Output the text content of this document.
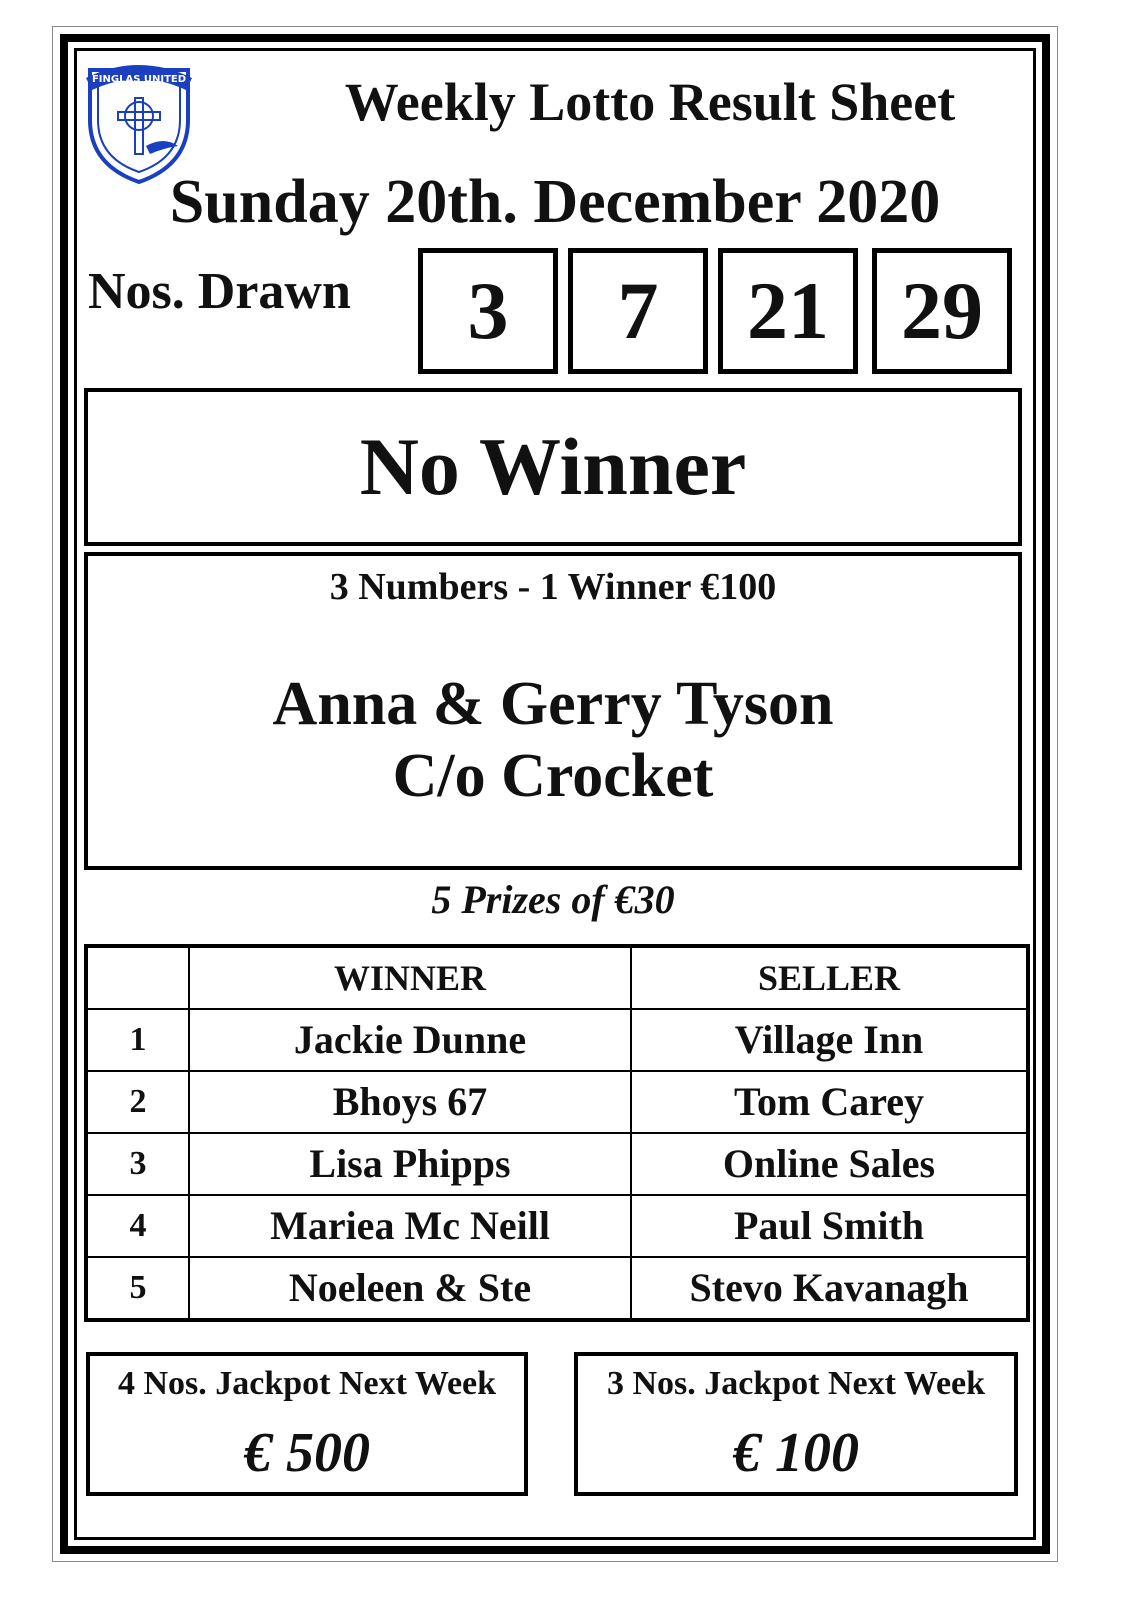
FINGLAS UNITED	Weekly Lotto Result Sheet
Sunday 20th. December 2020
Nos. Drawn	3	7	21 29
No Winner
3 Numbers - 1 Winner €100
Anna & Gerry Tyson
C/o Crocket
5 Prizes of €30
	WINNER	SELLER
1	Jackie Dunne	Village Inn
2	Bhoys 67	Tom Carey
3	Lisa Phipps	Online Sales
4	Mariea Mc Neill	Paul Smith
5	Noeleen & Ste	Stevo Kavanagh
4 Nos. Jackpot Next Week
€ 500
3 Nos. Jackpot Next Week
€ 100
